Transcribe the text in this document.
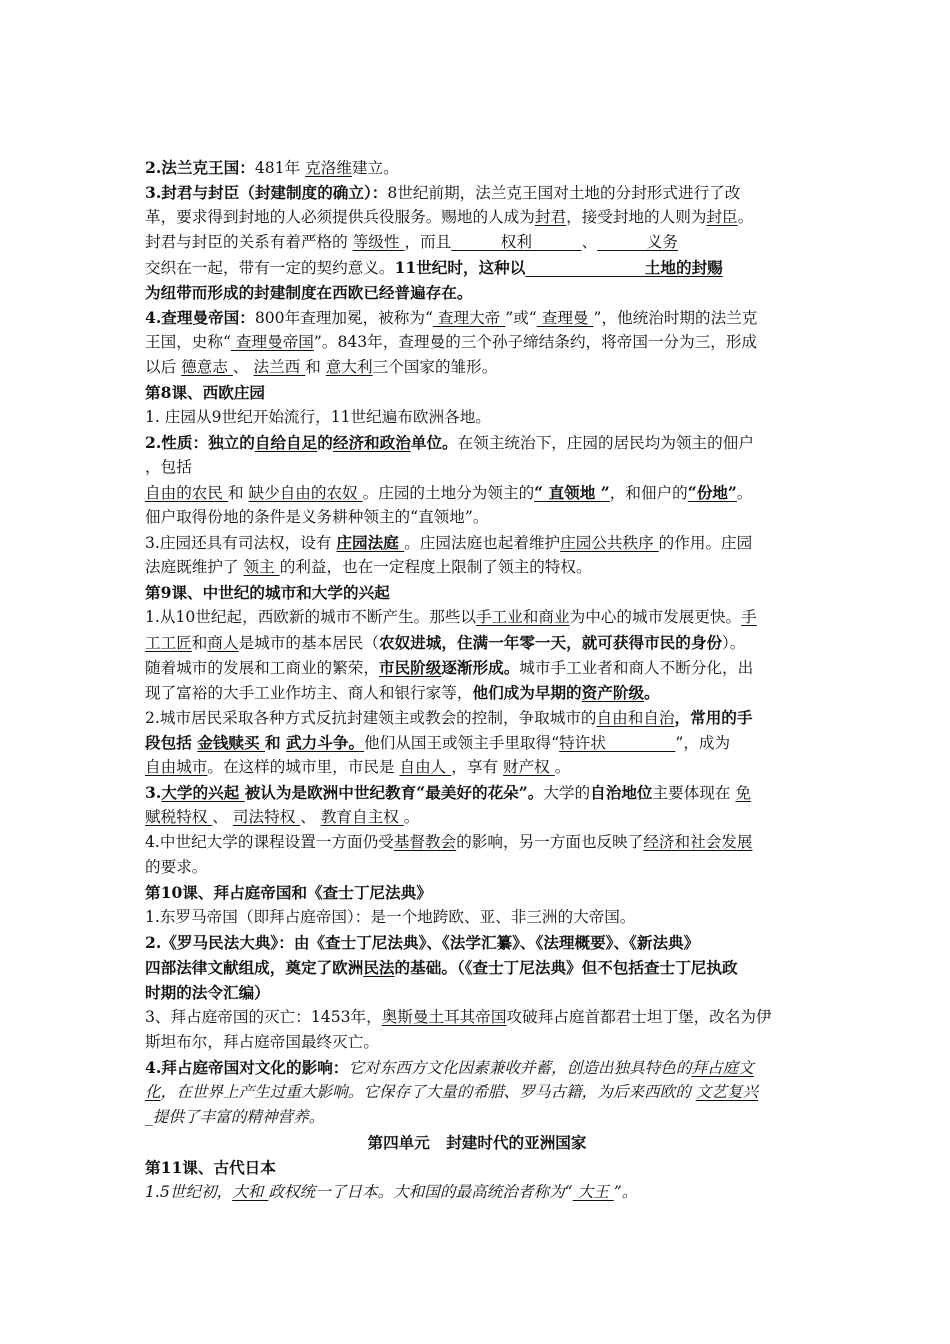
2.法兰克王国：481年 克洛维建立。
3.封君与封臣（封建制度的确立）：8世纪前期，法兰克王国对土地的分封形式进行了改
革，要求得到封地的人必须提供兵役服务。赐地的人成为封君，接受封地的人则为封臣。
封君与封臣的关系有着严格的 等级性 ，而且          权利          、          义务
交织在一起，带有一定的契约意义。11世纪时，这种以                      土地的封赐
为纽带而形成的封建制度在西欧已经普遍存在。
4.查理曼帝国：800年查理加冕，被称为“ 查理大帝 ”或“ 查理曼 ”，他统治时期的法兰克
王国，史称“ 查理曼帝国”。843年，查理曼的三个孙子缔结条约，将帝国一分为三，形成
以后 德意志 、 法兰西 和 意大利三个国家的雏形。
第8课、西欧庄园
1. 庄园从9世纪开始流行，11世纪遍布欧洲各地。
2.性质：独立的自给自足的经济和政治单位。在领主统治下，庄园的居民均为领主的佃户
，包括
自由的农民 和 缺少自由的农奴 。庄园的土地分为领主的“ 直领地 ”，和佃户的“份地”。
佃户取得份地的条件是义务耕种领主的“直领地”。
3.庄园还具有司法权，设有 庄园法庭 。庄园法庭也起着维护庄园公共秩序 的作用。庄园
法庭既维护了 领主 的利益，也在一定程度上限制了领主的特权。
第9课、中世纪的城市和大学的兴起
1.从10世纪起，西欧新的城市不断产生。那些以手工业和商业为中心的城市发展更快。手
工工匠和商人是城市的基本居民（农奴进城，住满一年零一天，就可获得市民的身份）。
随着城市的发展和工商业的繁荣，市民阶级逐渐形成。城市手工业者和商人不断分化，出
现了富裕的大手工业作坊主、商人和银行家等，他们成为早期的资产阶级。
2.城市居民采取各种方式反抗封建领主或教会的控制，争取城市的自由和自治，常用的手
段包括 金钱赎买 和 武力斗争。他们从国王或领主手里取得“特许状              ”，成为
自由城市。在这样的城市里，市民是 自由人 ，享有 财产权 。
3.大学的兴起 被认为是欧洲中世纪教育“最美好的花朵”。大学的自治地位主要体现在 免
赋税特权 、 司法特权 、 教育自主权 。
4.中世纪大学的课程设置一方面仍受基督教会的影响，另一方面也反映了经济和社会发展
的要求。
第10课、拜占庭帝国和《查士丁尼法典》
1.东罗马帝国（即拜占庭帝国）：是一个地跨欧、亚、非三洲的大帝国。
2.《罗马民法大典》：由《查士丁尼法典》、《法学汇纂》、《法理概要》、《新法典》
四部法律文献组成，奠定了欧洲民法的基础。（《查士丁尼法典》但不包括查士丁尼执政
时期的法令汇编）
3、拜占庭帝国的灭亡：1453年，奥斯曼土耳其帝国攻破拜占庭首都君士坦丁堡，改名为伊
斯坦布尔，拜占庭帝国最终灭亡。
4.拜占庭帝国对文化的影响：它对东西方文化因素兼收并蓄，创造出独具特色的拜占庭文
化，在世界上产生过重大影响。它保存了大量的希腊、罗马古籍，为后来西欧的 文艺复兴
_提供了丰富的精神营养。
第四单元   封建时代的亚洲国家
第11课、古代日本
1.5世纪初，大和 政权统一了日本。大和国的最高统治者称为“ 大王 ”。
